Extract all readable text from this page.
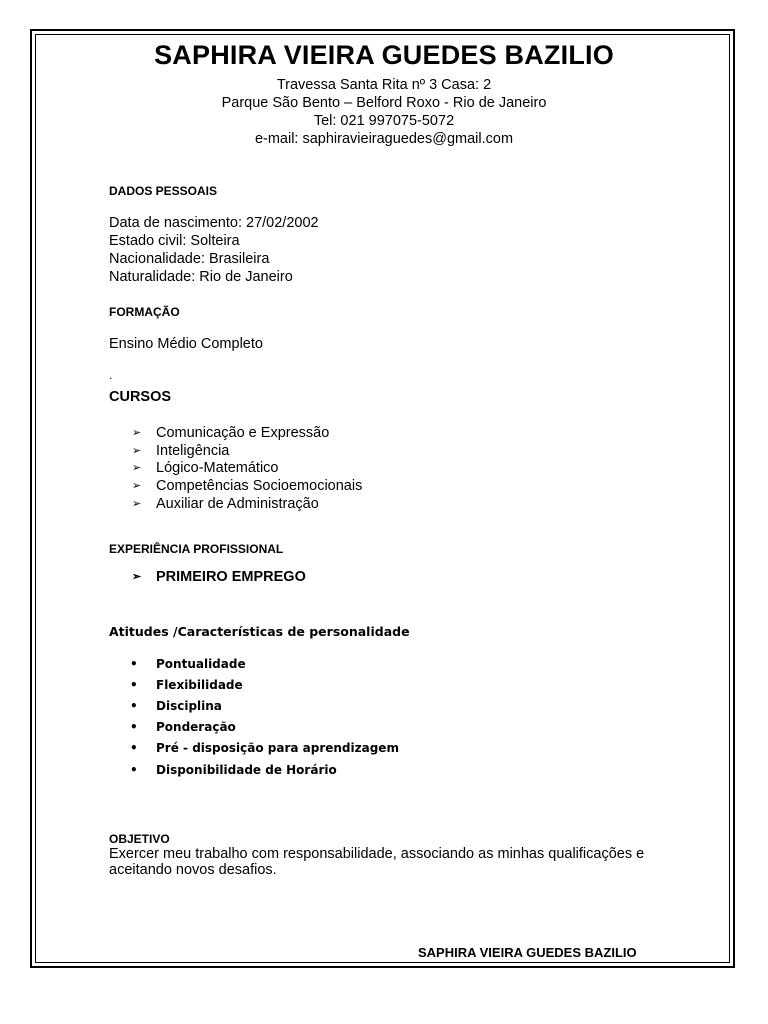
SAPHIRA VIEIRA GUEDES BAZILIO
Travessa Santa Rita nº 3 Casa: 2
Parque São Bento – Belford Roxo - Rio de Janeiro
Tel: 021 997075-5072
e-mail: saphiravieiraguedes@gmail.com
DADOS PESSOAIS
Data de nascimento: 27/02/2002
Estado civil: Solteira
Nacionalidade: Brasileira
Naturalidade: Rio de Janeiro
FORMAÇÃO
Ensino Médio Completo
.
CURSOS
➢ Comunicação e Expressão
➢ Inteligência
➢ Lógico-Matemático
➢ Competências Socioemocionais
➢ Auxiliar de Administração
EXPERIÊNCIA PROFISSIONAL
➢ PRIMEIRO EMPREGO
Atitudes /Características de personalidade
• Pontualidade
• Flexibilidade
• Disciplina
• Ponderação
• Pré - disposição para aprendizagem
• Disponibilidade de Horário
OBJETIVO
Exercer meu trabalho com responsabilidade, associando as minhas qualificações e aceitando novos desafios.
SAPHIRA VIEIRA GUEDES BAZILIO
